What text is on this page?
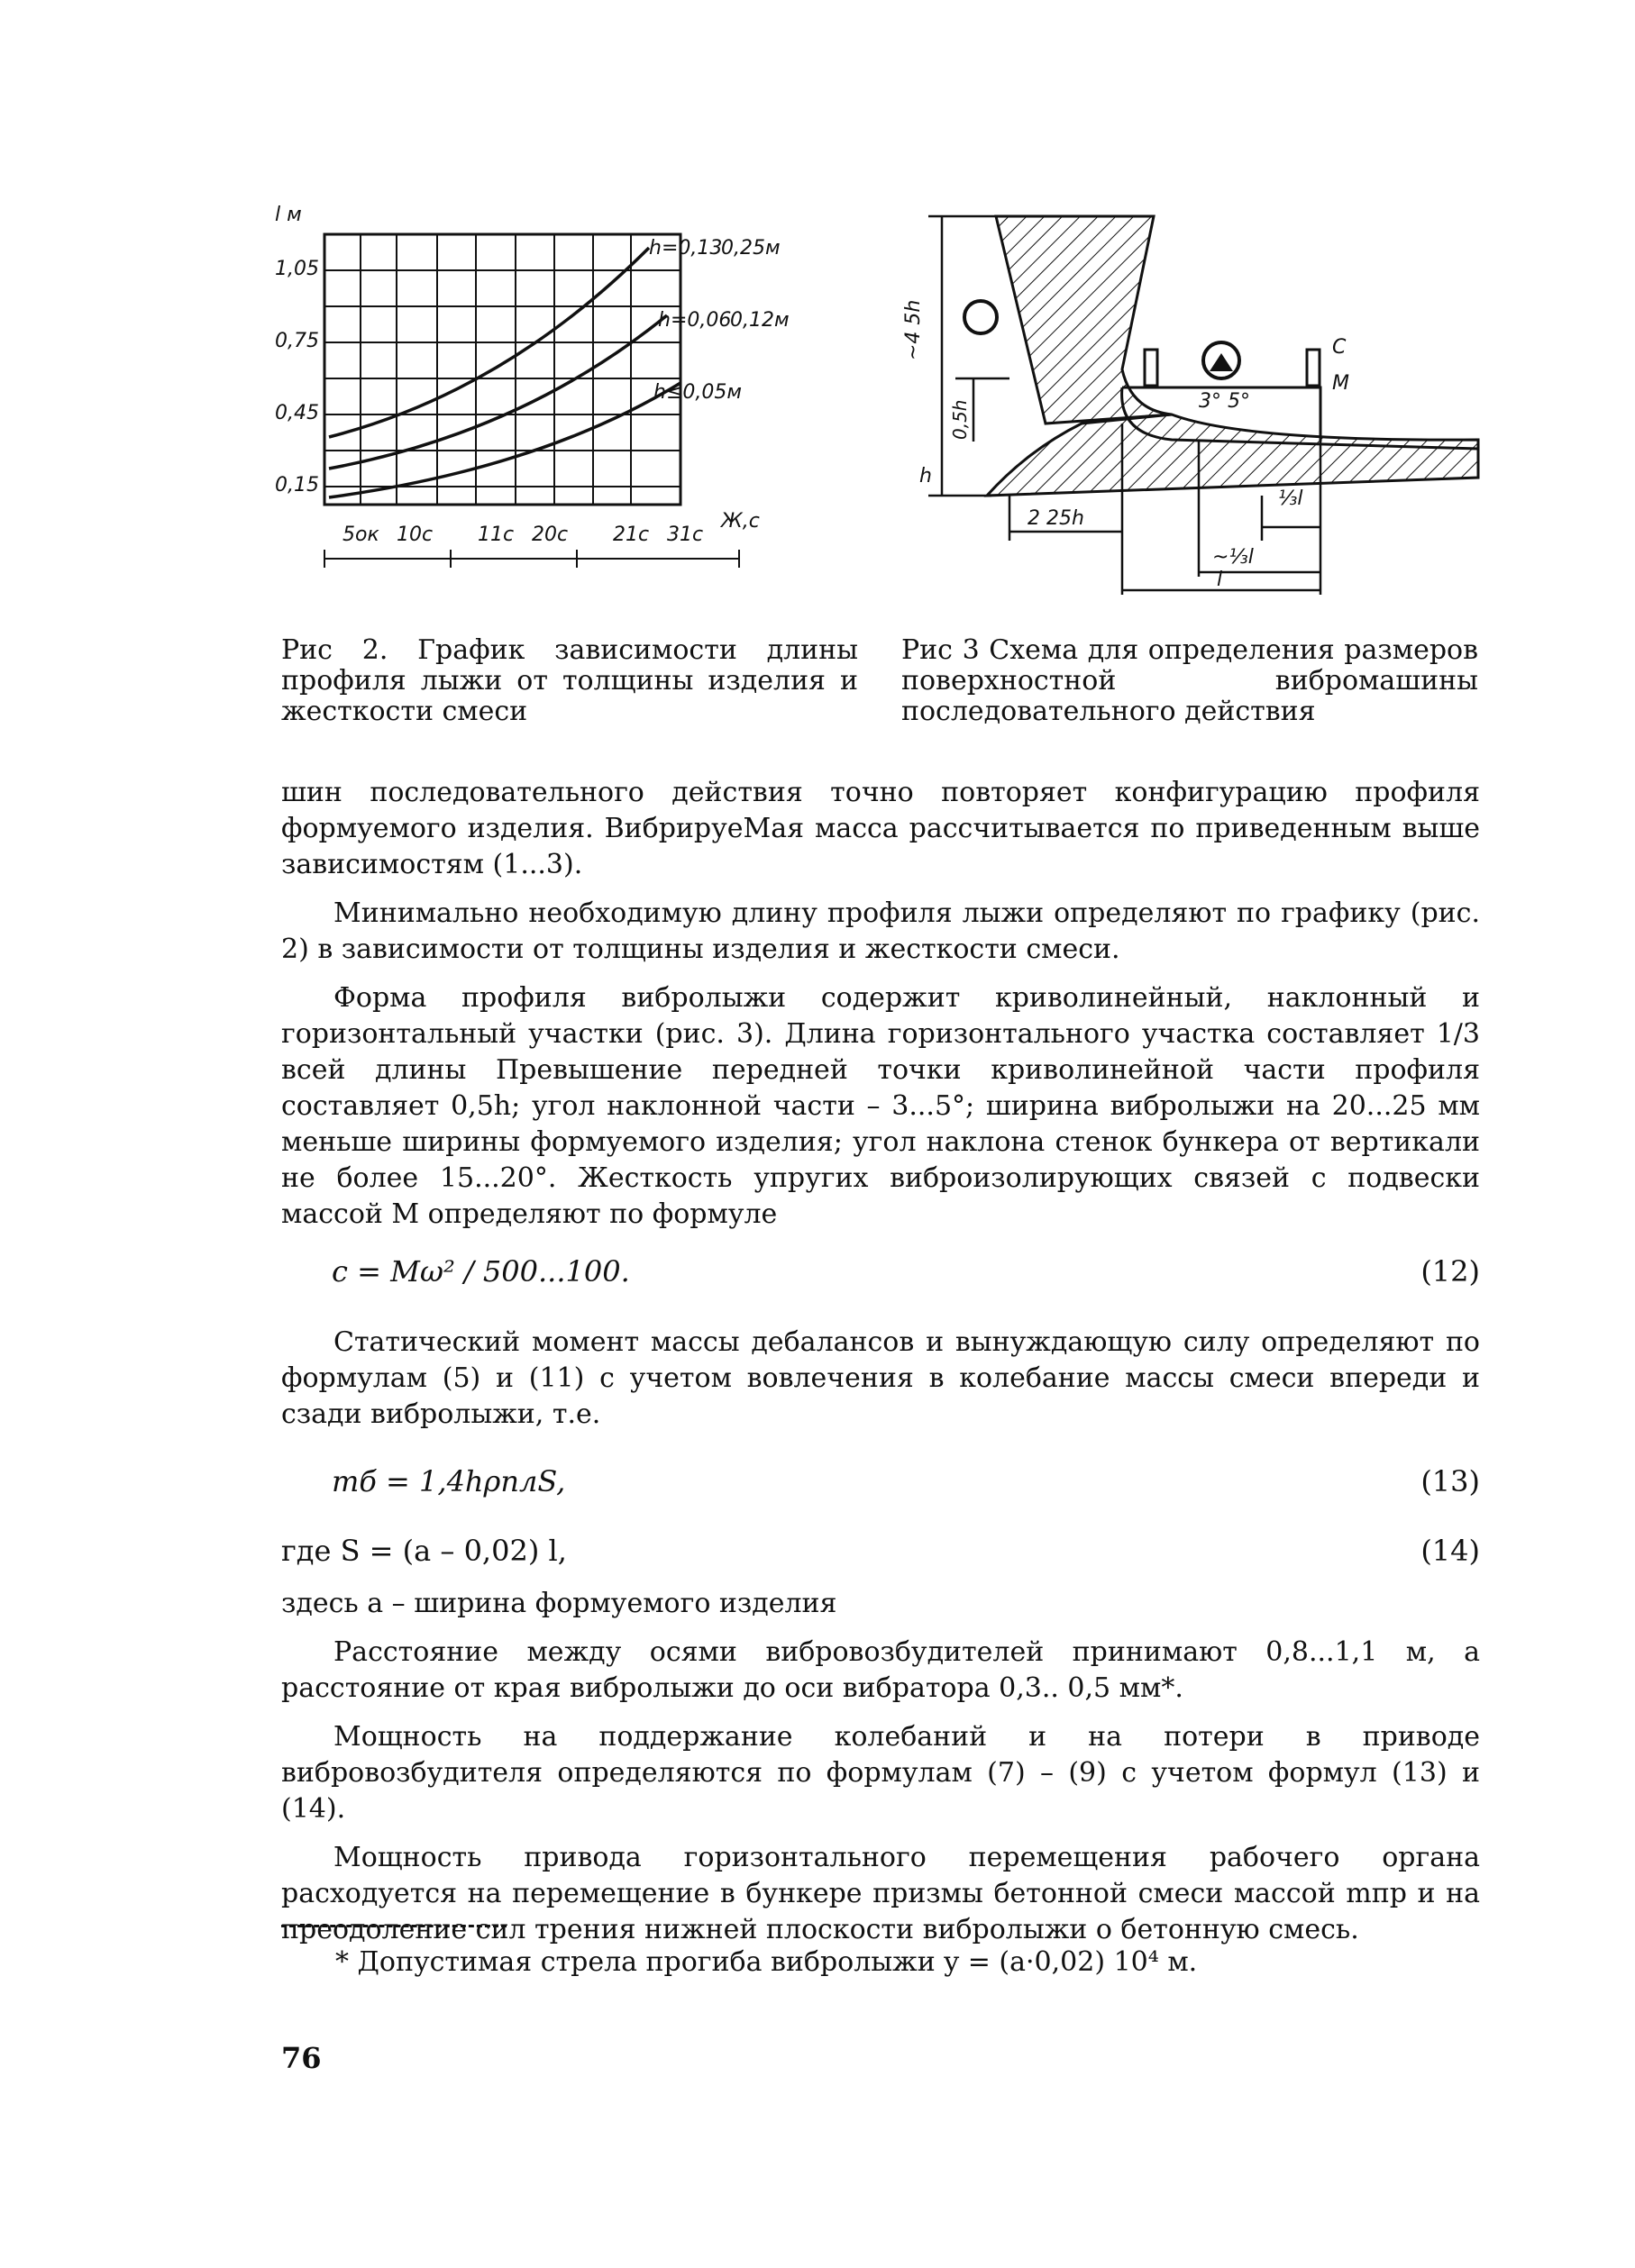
l м
1,05
0,75
0,45
0,15
h=0,13
h=0,06
h≤0,05м
0,25м
0,12м
Ж,с
5ок 10с 11с 20с 21с 31с
~4 5h
0,5h
h
C
M
3° 5°
2 25h
~⅓l
⅓l
l
Рис 2. График зависимости длины профиля лыжи от толщины изделия и жесткости смеси
Рис 3 Схема для определения размеров поверхностной вибромашины последовательного действия

шин последовательного действия точно повторяет конфигурацию профиля формуемого изделия. ВибрируеМая масса рассчитывается по приведенным выше зависимостям (1...3).

Минимально необходимую длину профиля лыжи определяют по графику (рис. 2) в зависимости от толщины изделия и жесткости смеси.

Форма профиля вибролыжи содержит криволинейный, наклонный и горизонтальный участки (рис. 3). Длина горизонтального участка составляет 1/3 всей длины Превышение передней точки криволинейной части профиля составляет 0,5h; угол наклонной части – 3...5°; ширина вибролыжи на 20...25 мм меньше ширины формуемого изделия; угол наклона стенок бункера от вертикали не более 15...20°. Жесткость упругих виброизолирующих связей с подвески массой М определяют по формуле

c = Mω² / 500...100.	(12)

Статический момент массы дебалансов и вынуждающую силу определяют по формулам (5) и (11) с учетом вовлечения в колебание массы смеси впереди и сзади вибролыжи, т.е.

mб = 1,4hρплS,	(13)
где S = (a – 0,02) l,	(14)

здесь a – ширина формуемого изделия

Расстояние между осями вибровозбудителей принимают 0,8...1,1 м, а расстояние от края вибролыжи до оси вибратора 0,3.. 0,5 мм*.

Мощность на поддержание колебаний и на потери в приводе вибровозбудителя определяются по формулам (7) – (9) с учетом формул (13) и (14).

Мощность привода горизонтального перемещения рабочего органа расходуется на перемещение в бункере призмы бетонной смеси массой mпр и на преодоление сил трения нижней плоскости вибролыжи о бетонную смесь.

* Допустимая стрела прогиба вибролыжи y = (a·0,02) 10⁴ м.
76
